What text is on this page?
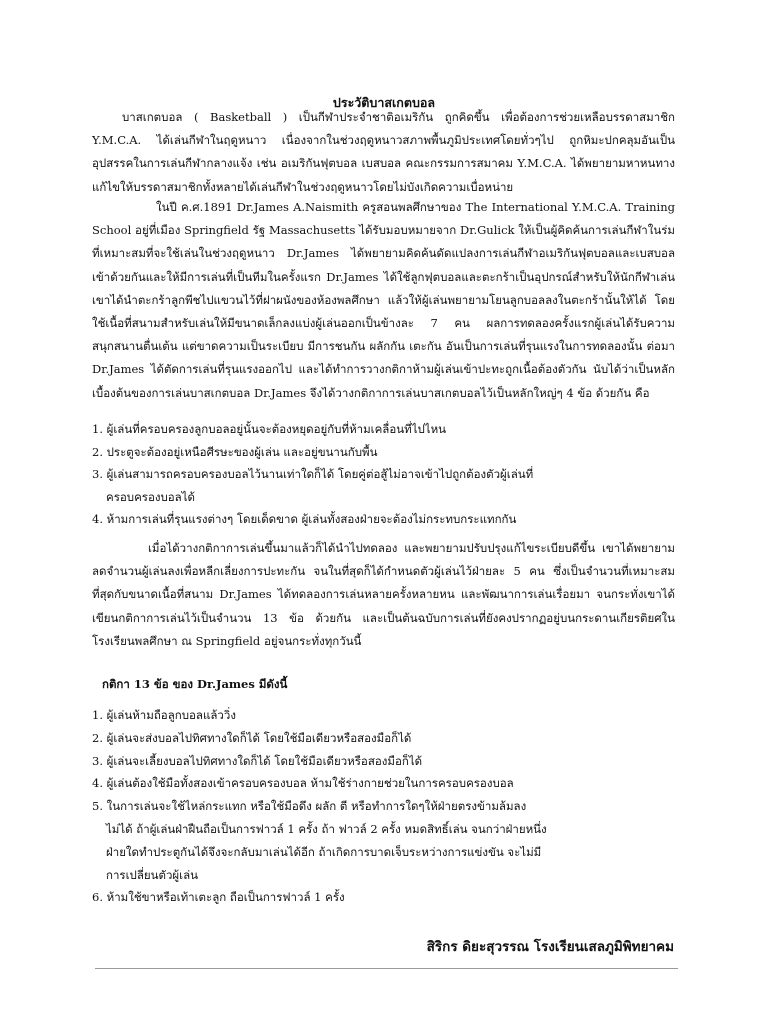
ประวัติบาสเกตบอล

บาสเกตบอล ( Basketball ) เป็นกีฬาประจำชาติอเมริกัน ถูกคิดขึ้น เพื่อต้องการช่วยเหลือบรรดาสมาชิก Y.M.C.A. ได้เล่นกีฬาในฤดูหนาว เนื่องจากในช่วงฤดูหนาวสภาพพื้นภูมิประเทศโดยทั่วๆไป ถูกหิมะปกคลุมอันเป็นอุปสรรคในการเล่นกีฬากลางแจ้ง เช่น อเมริกันฟุตบอล เบสบอล คณะกรรมการสมาคม Y.M.C.A. ได้พยายามหาหนทางแก้ไขให้บรรดาสมาชิกทั้งหลายได้เล่นกีฬาในช่วงฤดูหนาวโดยไม่บังเกิดความเบื่อหน่าย

ในปี ค.ศ.1891 Dr.James A.Naismith ครูสอนพลศึกษาของ The International Y.M.C.A. Training School อยู่ที่เมือง Springfield รัฐ Massachusetts ได้รับมอบหมายจาก Dr.Gulick ให้เป็นผู้คิดค้นการเล่นกีฬาในร่มที่เหมาะสมที่จะใช้เล่นในช่วงฤดูหนาว Dr.James ได้พยายามคิดค้นดัดแปลงการเล่นกีฬาอเมริกันฟุตบอลและเบสบอลเข้าด้วยกันและให้มีการเล่นที่เป็นทีมในครั้งแรก Dr.James ได้ใช้ลูกฟุตบอลและตะกร้าเป็นอุปกรณ์สำหรับให้นักกีฬาเล่น เขาได้นำตะกร้าลูกพีชไปแขวนไว้ที่ฝาผนังของห้องพลศึกษา แล้วให้ผู้เล่นพยายามโยนลูกบอลลงในตะกร้านั้นให้ได้ โดยใช้เนื้อที่สนามสำหรับเล่นให้มีขนาดเล็กลงแบ่งผู้เล่นออกเป็นข้างละ 7 คน ผลการทดลองครั้งแรกผู้เล่นได้รับความสนุกสนานตื่นเต้น แต่ขาดความเป็นระเบียบ มีการชนกัน ผลักกัน เตะกัน อันเป็นการเล่นที่รุนแรงในการทดลองนั้น ต่อมา Dr.James ได้ตัดการเล่นที่รุนแรงออกไป และได้ทำการวางกติกาห้ามผู้เล่นเข้าปะทะถูกเนื้อต้องตัวกัน นับได้ว่าเป็นหลักเบื้องต้นของการเล่นบาสเกตบอล Dr.James จึงได้วางกติกาการเล่นบาสเกตบอลไว้เป็นหลักใหญ่ๆ 4 ข้อ ด้วยกัน คือ

1. ผู้เล่นที่ครอบครองลูกบอลอยู่นั้นจะต้องหยุดอยู่กับที่ห้ามเคลื่อนที่ไปไหน
2. ประตูจะต้องอยู่เหนือศีรษะของผู้เล่น และอยู่ขนานกับพื้น
3. ผู้เล่นสามารถครอบครองบอลไว้นานเท่าใดก็ได้ โดยคู่ต่อสู้ไม่อาจเข้าไปถูกต้องตัวผู้เล่นที่
ครอบครองบอลได้
4. ห้ามการเล่นที่รุนแรงต่างๆ โดยเด็ดขาด ผู้เล่นทั้งสองฝ่ายจะต้องไม่กระทบกระแทกกัน

เมื่อได้วางกติกาการเล่นขึ้นมาแล้วก็ได้นำไปทดลอง และพยายามปรับปรุงแก้ไขระเบียบดีขึ้น เขาได้พยายามลดจำนวนผู้เล่นลงเพื่อหลีกเลี่ยงการปะทะกัน จนในที่สุดก็ได้กำหนดตัวผู้เล่นไว้ฝ่ายละ 5 คน ซึ่งเป็นจำนวนที่เหมาะสมที่สุดกับขนาดเนื้อที่สนาม Dr.James ได้ทดลองการเล่นหลายครั้งหลายหน และพัฒนาการเล่นเรื่อยมา จนกระทั่งเขาได้เขียนกติกาการเล่นไว้เป็นจำนวน 13 ข้อ ด้วยกัน และเป็นต้นฉบับการเล่นที่ยังคงปรากฏอยู่บนกระดานเกียรติยศในโรงเรียนพลศึกษา ณ Springfield อยู่จนกระทั่งทุกวันนี้

กติกา 13 ข้อ ของ Dr.James มีดังนี้
1. ผู้เล่นห้ามถือลูกบอลแล้ววิ่ง
2. ผู้เล่นจะส่งบอลไปทิศทางใดก็ได้ โดยใช้มือเดียวหรือสองมือก็ได้
3. ผู้เล่นจะเลี้ยงบอลไปทิศทางใดก็ได้ โดยใช้มือเดียวหรือสองมือก็ได้
4. ผู้เล่นต้องใช้มือทั้งสองเข้าครอบครองบอล ห้ามใช้ร่างกายช่วยในการครอบครองบอล
5. ในการเล่นจะใช้ไหล่กระแทก หรือใช้มือดึง ผลัก ตี หรือทำการใดๆให้ฝ่ายตรงข้ามล้มลง
ไม่ได้ ถ้าผู้เล่นฝ่าฝืนถือเป็นการฟาวล์ 1 ครั้ง ถ้า ฟาวล์ 2 ครั้ง หมดสิทธิ์เล่น จนกว่าฝ่ายหนึ่ง
ฝ่ายใดทำประตูกันได้จึงจะกลับมาเล่นได้อีก ถ้าเกิดการบาดเจ็บระหว่างการแข่งขัน จะไม่มี
การเปลี่ยนตัวผู้เล่น
6. ห้ามใช้ขาหรือเท้าเตะลูก ถือเป็นการฟาวล์ 1 ครั้ง
สิริกร ดิยะสุวรรณ โรงเรียนเสลภูมิพิทยาคม
